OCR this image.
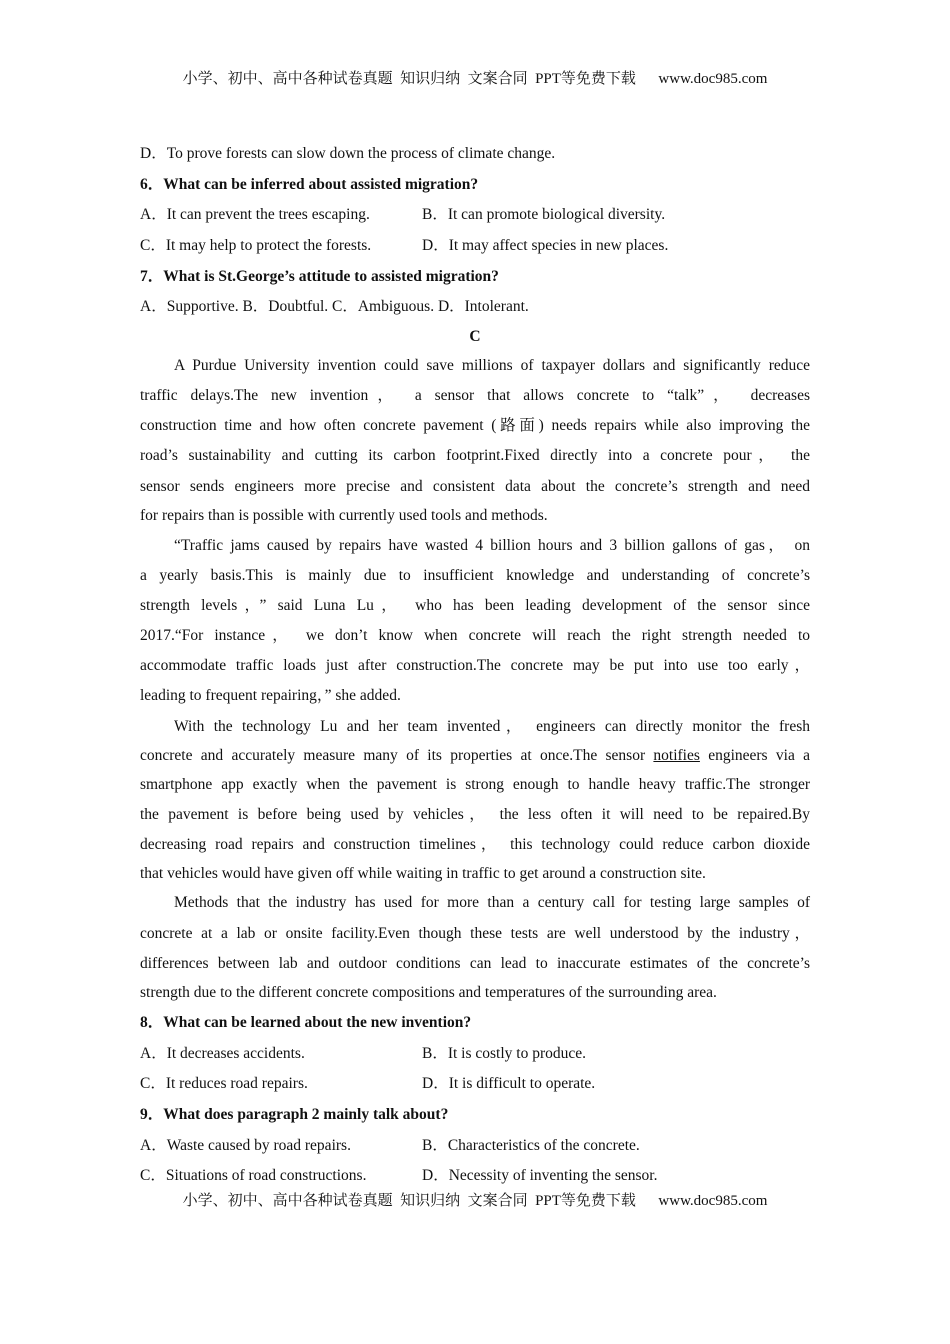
小学、初中、高中各种试卷真题  知识归纳  文案合同  PPT等免费下载      www.doc985.com
D．To prove forests can slow down the process of climate change.
6．What can be inferred about assisted migration?
A．It can prevent the trees escaping.	B．It can promote biological diversity.
C．It may help to protect the forests.	D．It may affect species in new places.
7．What is St.George’s attitude to assisted migration?
A．Supportive. B．Doubtful. C．Ambiguous. D．Intolerant.
C
A Purdue University invention could save millions of taxpayer dollars and significantly reduce
traffic delays.The new invention， a sensor that allows concrete to “talk”， decreases
construction time and how often concrete pavement (路面) needs repairs while also improving the
road’s sustainability and cutting its carbon footprint.Fixed directly into a concrete pour， the
sensor sends engineers more precise and consistent data about the concrete’s strength and need
for repairs than is possible with currently used tools and methods.
“Traffic jams caused by repairs have wasted 4 billion hours and 3 billion gallons of gas， on
a yearly basis.This is mainly due to insufficient knowledge and understanding of concrete’s
strength levels，” said Luna Lu， who has been leading development of the sensor since
2017.“For instance， we don’t know when concrete will reach the right strength needed to
accommodate traffic loads just after construction.The concrete may be put into use too early，
leading to frequent repairing，” she added.
With the technology Lu and her team invented， engineers can directly monitor the fresh
concrete and accurately measure many of its properties at once.The sensor notifies engineers via a
smartphone app exactly when the pavement is strong enough to handle heavy traffic.The stronger
the pavement is before being used by vehicles， the less often it will need to be repaired.By
decreasing road repairs and construction timelines， this technology could reduce carbon dioxide
that vehicles would have given off while waiting in traffic to get around a construction site.
Methods that the industry has used for more than a century call for testing large samples of
concrete at a lab or onsite facility.Even though these tests are well understood by the industry，
differences between lab and outdoor conditions can lead to inaccurate estimates of the concrete’s
strength due to the different concrete compositions and temperatures of the surrounding area.
8．What can be learned about the new invention?
A．It decreases accidents.	B．It is costly to produce.
C．It reduces road repairs.	D．It is difficult to operate.
9．What does paragraph 2 mainly talk about?
A．Waste caused by road repairs.	B．Characteristics of the concrete.
C．Situations of road constructions.	D．Necessity of inventing the sensor.
小学、初中、高中各种试卷真题  知识归纳  文案合同  PPT等免费下载      www.doc985.com
